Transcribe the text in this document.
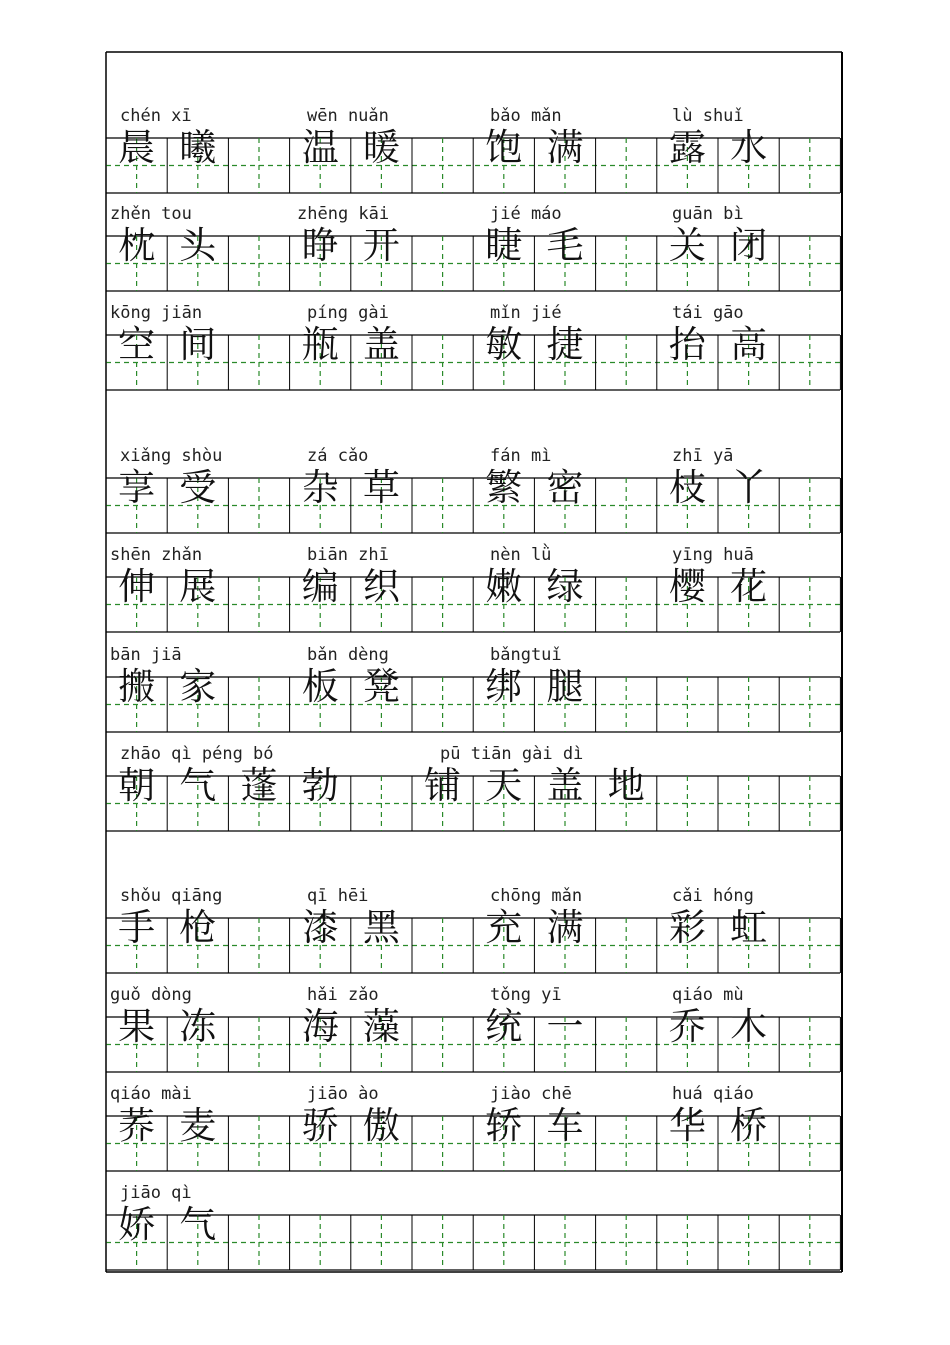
chén xī
晨 曦
wēn nuǎn
温 暖
bǎo mǎn
饱 满
lù shuǐ
露 水
zhěn tou
枕 头
zhēng kāi
睁 开
jié máo
睫 毛
guān bì
关 闭
kōng jiān
空 间
píng gài
瓶 盖
mǐn jié
敏 捷
tái gāo
抬 高
xiǎng shòu
享 受
zá cǎo
杂 草
fán mì
繁 密
zhī yā
枝 丫
shēn zhǎn
伸 展
biān zhī
编 织
nèn lǜ
嫩 绿
yīng huā
樱 花
bān jiā
搬 家
bǎn dèng
板 凳
bǎngtuǐ
绑 腿
zhāo qì péng bó
朝 气 蓬 勃
pū tiān gài dì
铺 天 盖 地
shǒu qiāng
手 枪
qī hēi
漆 黑
chōng mǎn
充 满
cǎi hóng
彩 虹
guǒ dòng
果 冻
hǎi zǎo
海 藻
tǒng yī
统 一
qiáo mù
乔 木
qiáo mài
荞 麦
jiāo ào
骄 傲
jiào chē
轿 车
huá qiáo
华 桥
jiāo qì
娇 气
